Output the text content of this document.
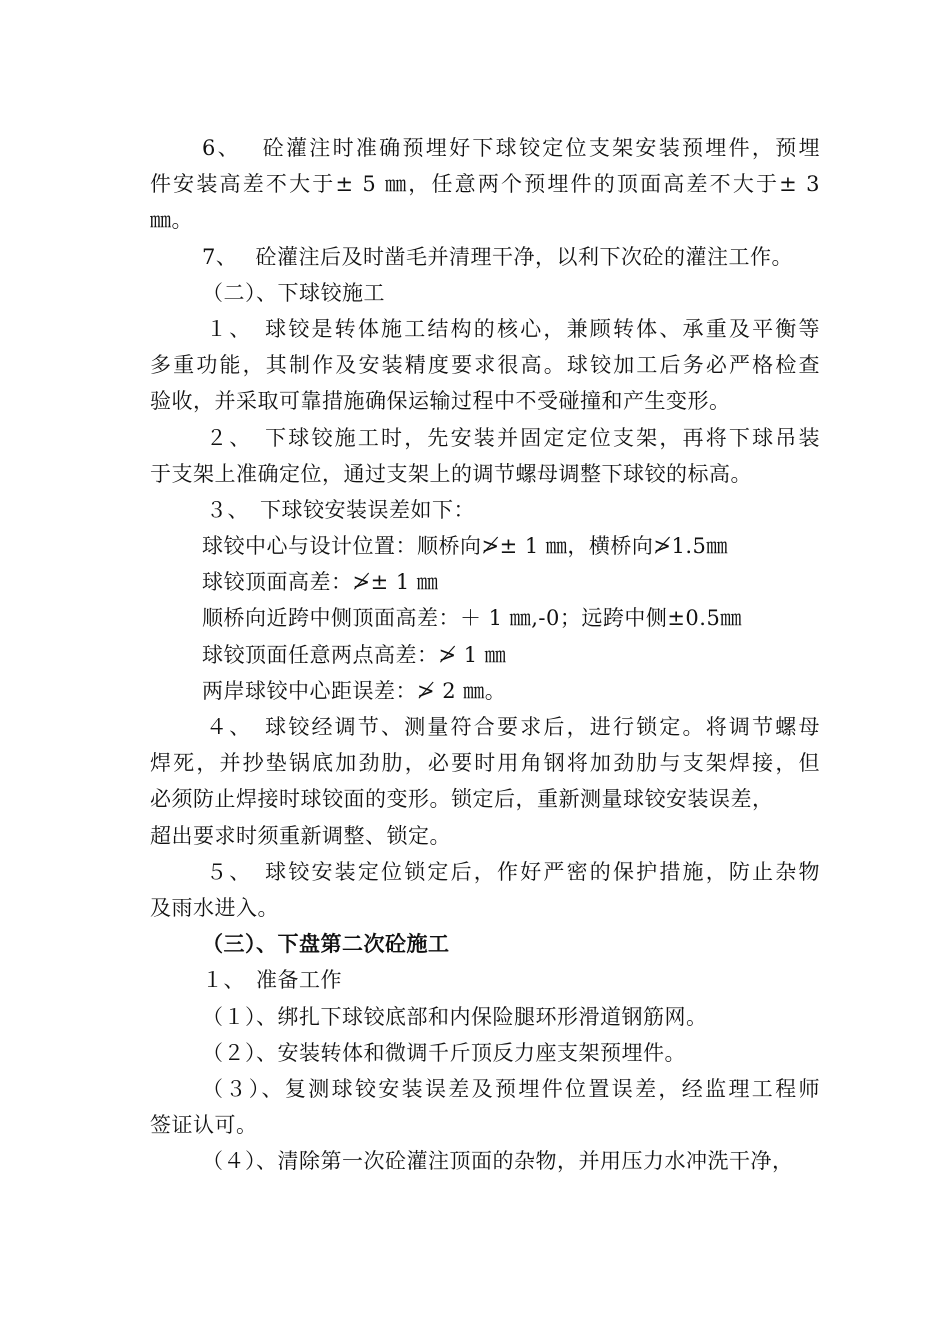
6、　 砼灌注时准确预埋好下球铰定位支架安装预埋件，预埋
件安装高差不大于± 5 ㎜，任意两个预埋件的顶面高差不大于± 3
㎜。
7、　 砼灌注后及时凿毛并清理干净，以利下次砼的灌注工作。
（二）、下球铰施工
１、　球铰是转体施工结构的核心，兼顾转体、承重及平衡等
多重功能，其制作及安装精度要求很高。球铰加工后务必严格检查
验收，并采取可靠措施确保运输过程中不受碰撞和产生变形。
２、　下球铰施工时，先安装并固定定位支架，再将下球吊装
于支架上准确定位，通过支架上的调节螺母调整下球铰的标高。
３、　下球铰安装误差如下：
球铰中心与设计位置：顺桥向≯± 1 ㎜，横桥向≯1.5㎜
球铰顶面高差：≯± 1 ㎜
顺桥向近跨中侧顶面高差：＋ 1 ㎜,-0；远跨中侧±0.5㎜
球铰顶面任意两点高差：≯ 1 ㎜
两岸球铰中心距误差：≯ 2 ㎜。
４、　球铰经调节、测量符合要求后，进行锁定。将调节螺母
焊死，并抄垫锅底加劲肋，必要时用角钢将加劲肋与支架焊接，但
必须防止焊接时球铰面的变形。锁定后，重新测量球铰安装误差，
超出要求时须重新调整、锁定。
５、　球铰安装定位锁定后，作好严密的保护措施，防止杂物
及雨水进入。
（三）、下盘第二次砼施工
１、　准备工作
（１）、绑扎下球铰底部和内保险腿环形滑道钢筋网。
（２）、安装转体和微调千斤顶反力座支架预埋件。
（３）、复测球铰安装误差及预埋件位置误差，经监理工程师
签证认可。
（４）、清除第一次砼灌注顶面的杂物，并用压力水冲洗干净，
